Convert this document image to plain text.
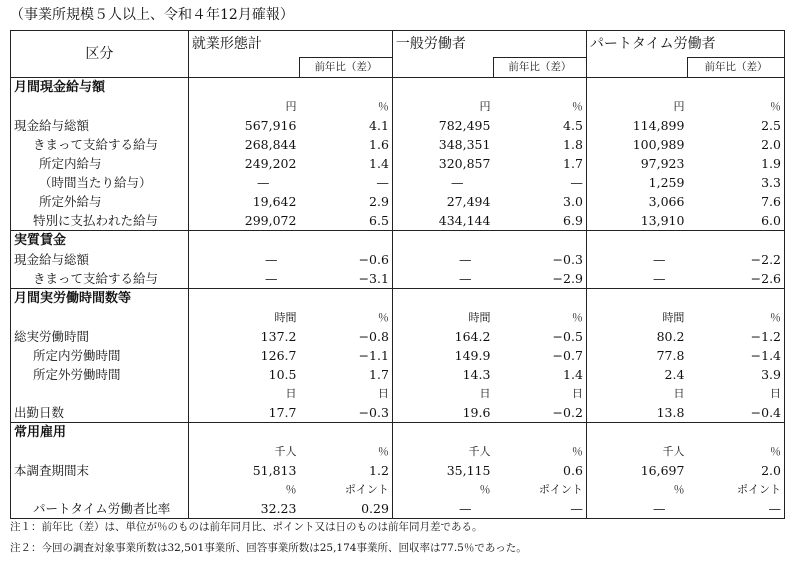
（事業所規模５人以上、令和４年12月確報）
区分	就業形態計		一般労働者		パートタイム労働者	
		前年比（差）		前年比（差）		前年比（差）
月間現金給与額						
	円	％	円	％	円	％
現金給与総額	567,916	4.1	782,495	4.5	114,899	2.5
きまって支給する給与	268,844	1.6	348,351	1.8	100,989	2.0
所定内給与	249,202	1.4	320,857	1.7	97,923	1.9
（時間当たり給与）	—	—	—	—	1,259	3.3
所定外給与	19,642	2.9	27,494	3.0	3,066	7.6
特別に支払われた給与	299,072	6.5	434,144	6.9	13,910	6.0
実質賃金						
現金給与総額	—	−0.6	—	−0.3	—	−2.2
きまって支給する給与	—	−3.1	—	−2.9	—	−2.6
月間実労働時間数等						
	時間	％	時間	％	時間	％
総実労働時間	137.2	−0.8	164.2	−0.5	80.2	−1.2
所定内労働時間	126.7	−1.1	149.9	−0.7	77.8	−1.4
所定外労働時間	10.5	1.7	14.3	1.4	2.4	3.9
	日	日	日	日	日	日
出勤日数	17.7	−0.3	19.6	−0.2	13.8	−0.4
常用雇用						
	千人	％	千人	％	千人	％
本調査期間末	51,813	1.2	35,115	0.6	16,697	2.0
	％	ポイント	％	ポイント	％	ポイント
パートタイム労働者比率	32.23	0.29	—	—	—	—
注１：前年比（差）は、単位が％のものは前年同月比、ポイント又は日のものは前年同月差である。
注２：今回の調査対象事業所数は32,501事業所、回答事業所数は25,174事業所、回収率は77.5％であった。
